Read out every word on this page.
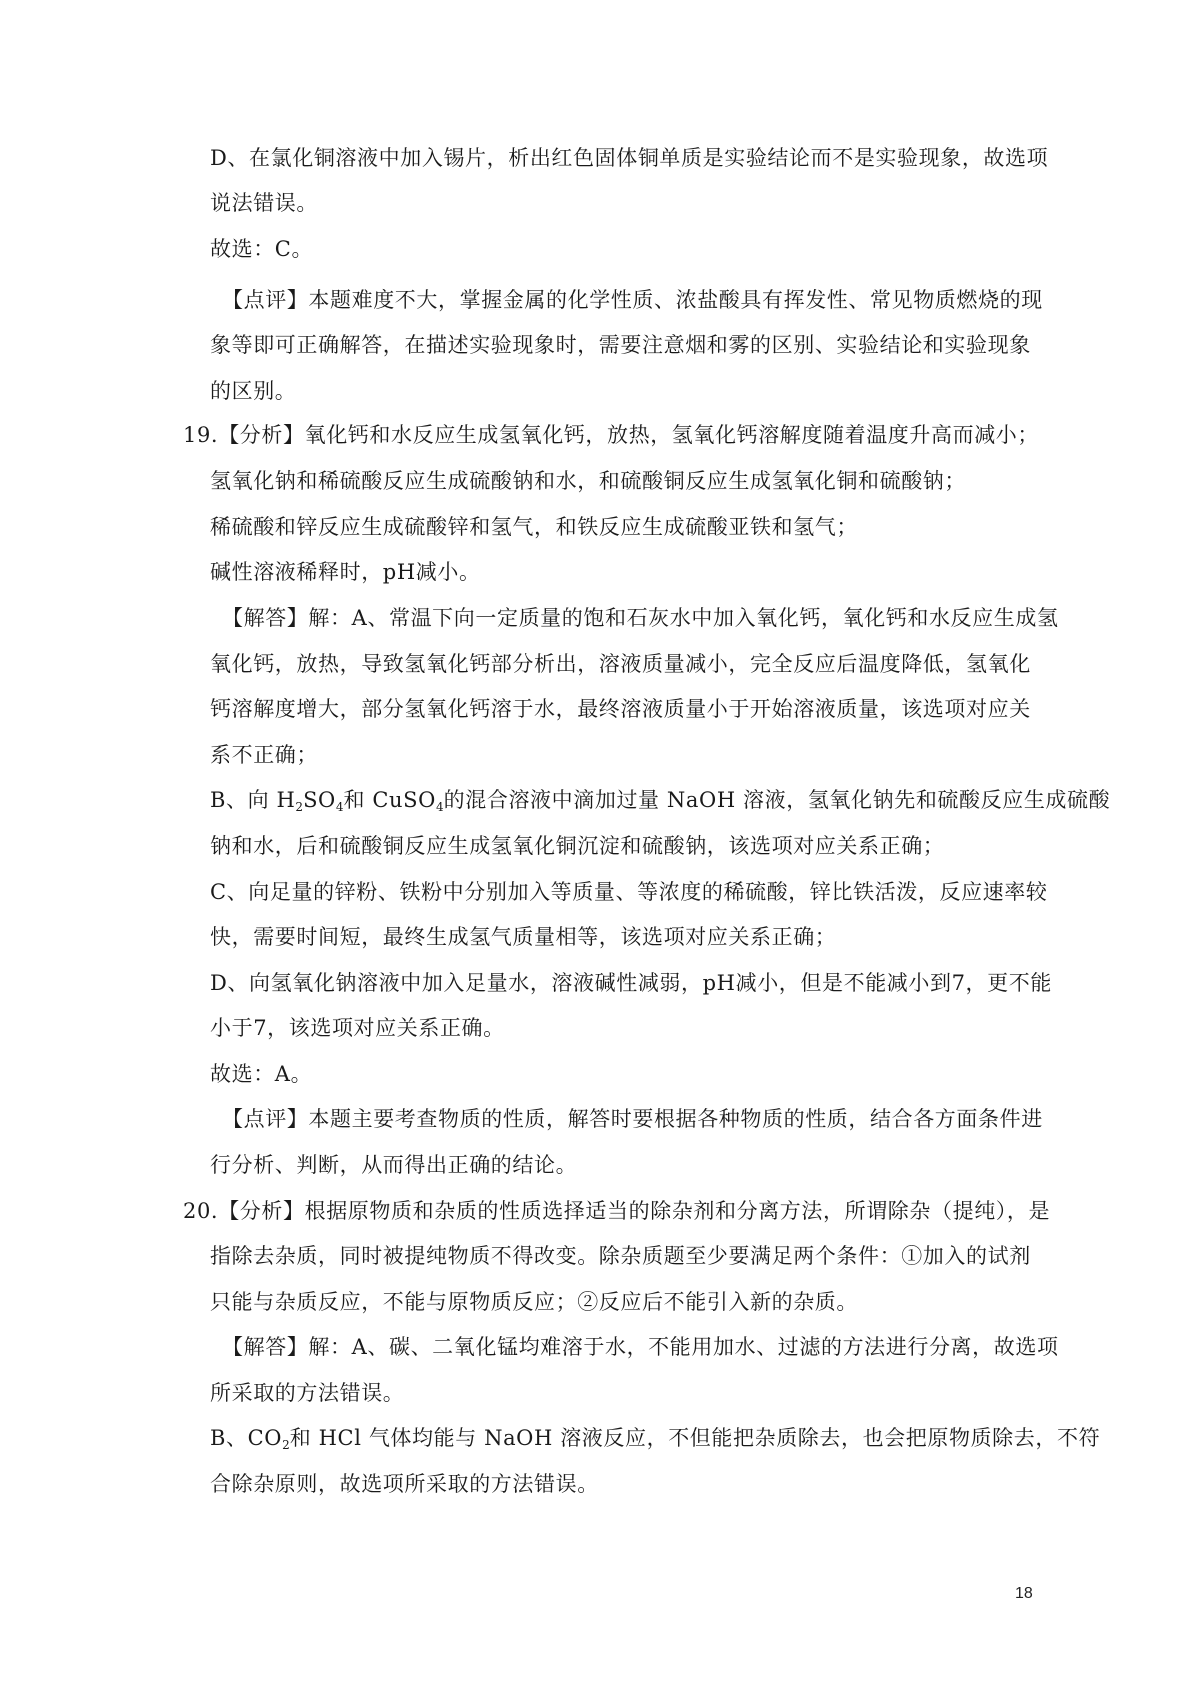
D、在氯化铜溶液中加入锡片，析出红色固体铜单质是实验结论而不是实验现象，故选项
说法错误。
故选：C。
【点评】本题难度不大，掌握金属的化学性质、浓盐酸具有挥发性、常见物质燃烧的现
象等即可正确解答，在描述实验现象时，需要注意烟和雾的区别、实验结论和实验现象
的区别。
19.【分析】氧化钙和水反应生成氢氧化钙，放热，氢氧化钙溶解度随着温度升高而减小；
氢氧化钠和稀硫酸反应生成硫酸钠和水，和硫酸铜反应生成氢氧化铜和硫酸钠；
稀硫酸和锌反应生成硫酸锌和氢气，和铁反应生成硫酸亚铁和氢气；
碱性溶液稀释时，pH减小。
【解答】解：A、常温下向一定质量的饱和石灰水中加入氧化钙，氧化钙和水反应生成氢
氧化钙，放热，导致氢氧化钙部分析出，溶液质量减小，完全反应后温度降低，氢氧化
钙溶解度增大，部分氢氧化钙溶于水，最终溶液质量小于开始溶液质量，该选项对应关
系不正确；
B、向 $H_2SO_4$和 CuSO$_4$的混合溶液中滴加过量 NaOH 溶液，氢氧化钠先和硫酸反应生成硫酸
钠和水，后和硫酸铜反应生成氢氧化铜沉淀和硫酸钠，该选项对应关系正确；
C、向足量的锌粉、铁粉中分别加入等质量、等浓度的稀硫酸，锌比铁活泼，反应速率较
快，需要时间短，最终生成氢气质量相等，该选项对应关系正确；
D、向氢氧化钠溶液中加入足量水，溶液碱性减弱，pH减小，但是不能减小到7，更不能
小于7，该选项对应关系正确。
故选：A。
【点评】本题主要考查物质的性质，解答时要根据各种物质的性质，结合各方面条件进
行分析、判断，从而得出正确的结论。
20.【分析】根据原物质和杂质的性质选择适当的除杂剂和分离方法，所谓除杂（提纯），是
指除去杂质，同时被提纯物质不得改变。除杂质题至少要满足两个条件：①加入的试剂
只能与杂质反应，不能与原物质反应；②反应后不能引入新的杂质。
【解答】解：A、碳、二氧化锰均难溶于水，不能用加水、过滤的方法进行分离，故选项
所采取的方法错误。
B、$CO_2$和 HCl 气体均能与 NaOH 溶液反应，不但能把杂质除去，也会把原物质除去，不符
合除杂原则，故选项所采取的方法错误。
18
